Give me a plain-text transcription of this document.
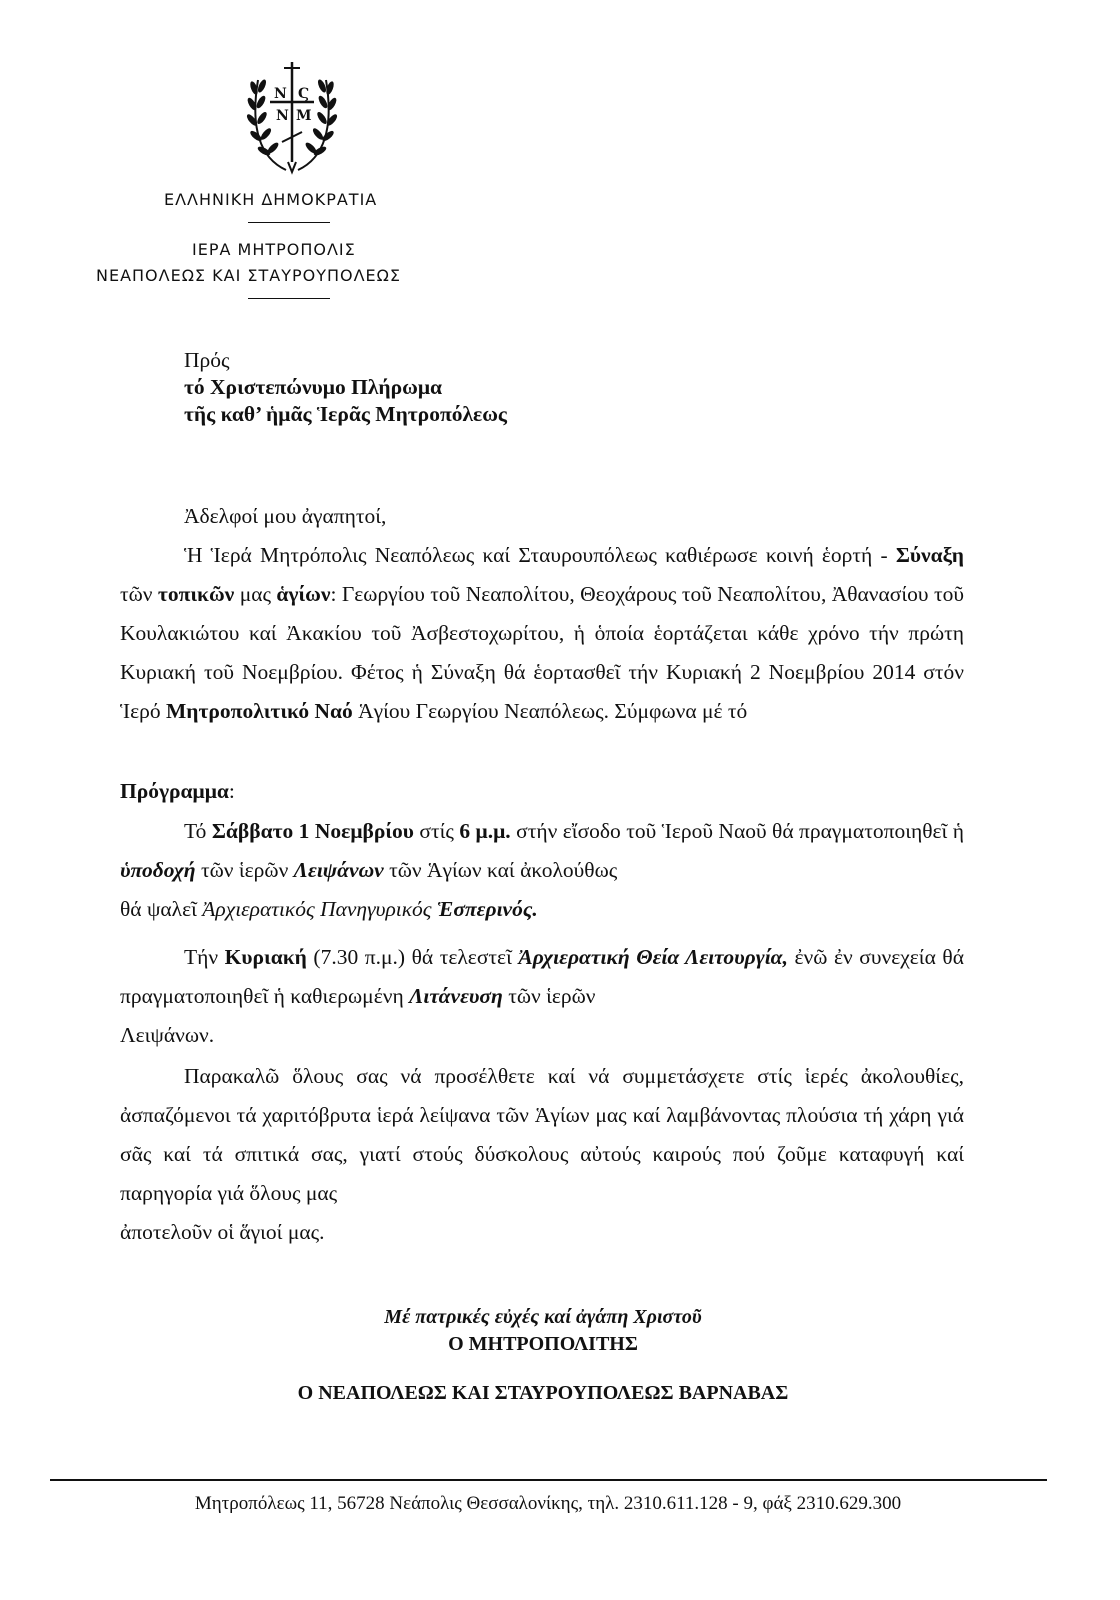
N Ϛ
Ν Μ
ΕΛΛΗΝΙΚΗ ΔΗΜΟΚΡΑΤΙΑ
ΙΕΡΑ ΜΗΤΡΟΠΟΛΙΣ
ΝΕΑΠΟΛΕΩΣ ΚΑΙ ΣΤΑΥΡΟΥΠΟΛΕΩΣ
Πρός
τό Χριστεπώνυμο Πλήρωμα
τῆς καθ’ ἡμᾶς Ἱερᾶς Μητροπόλεως
Ἀδελφοί μου ἀγαπητοί,
Ἡ Ἱερά Μητρόπολις Νεαπόλεως καί Σταυρουπόλεως καθιέρωσε κοινή ἑορτή - Σύναξη τῶν τοπικῶν μας ἁγίων: Γεωργίου τοῦ Νεαπολίτου, Θεοχάρους τοῦ Νεαπολίτου, Ἀθανασίου τοῦ Κουλακιώτου καί Ἀκακίου τοῦ Ἀσβεστοχωρίτου, ἡ ὁποία ἑορτάζεται κάθε χρόνο τήν πρώτη Κυριακή τοῦ Νοεμβρίου. Φέτος ἡ Σύναξη θά ἑορτασθεῖ τήν Κυριακή 2 Νοεμβρίου 2014 στόν Ἱερό Μητροπολιτικό Ναό Ἁγίου Γεωργίου Νεαπόλεως. Σύμφωνα μέ τό
Πρόγραμμα:
Τό Σάββατο 1 Νοεμβρίου στίς 6 μ.μ. στήν εἴσοδο τοῦ Ἱεροῦ Ναοῦ θά πραγματοποιηθεῖ ἡ ὑποδοχή τῶν ἱερῶν Λειψάνων τῶν Ἁγίων καί ἀκολούθως
θά ψαλεῖ Ἀρχιερατικός Πανηγυρικός Ἑσπερινός.
Τήν Κυριακή (7.30 π.μ.) θά τελεστεῖ Ἀρχιερατική Θεία Λειτουργία, ἐνῶ ἐν συνεχεία θά πραγματοποιηθεῖ ἡ καθιερωμένη Λιτάνευση τῶν ἱερῶν
Λειψάνων.
Παρακαλῶ ὅλους σας νά προσέλθετε καί νά συμμετάσχετε στίς ἱερές ἀκολουθίες, ἀσπαζόμενοι τά χαριτόβρυτα ἱερά λείψανα τῶν Ἁγίων μας καί λαμβάνοντας πλούσια τή χάρη γιά σᾶς καί τά σπιτικά σας, γιατί στούς δύσκολους αὐτούς καιρούς πού ζοῦμε καταφυγή καί παρηγορία γιά ὅλους μας
ἀποτελοῦν οἱ ἅγιοί μας.
Μέ πατρικές εὐχές καί ἀγάπη Χριστοῦ
Ο ΜΗΤΡΟΠΟΛΙΤΗΣ
Ο ΝΕΑΠΟΛΕΩΣ ΚΑΙ ΣΤΑΥΡΟΥΠΟΛΕΩΣ ΒΑΡΝΑΒΑΣ
Μητροπόλεως 11, 56728 Νεάπολις Θεσσαλονίκης, τηλ. 2310.611.128 - 9, φάξ 2310.629.300
